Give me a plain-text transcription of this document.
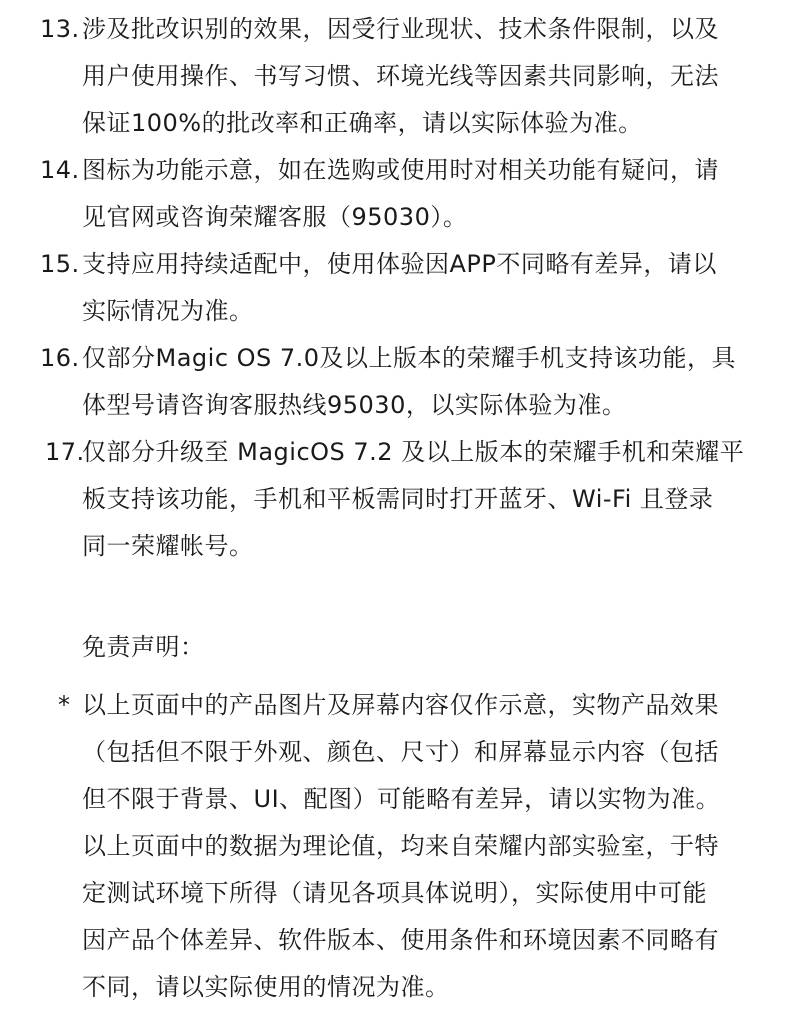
13. 涉及批改识别的效果，因受行业现状、技术条件限制，以及
用户使用操作、书写习惯、环境光线等因素共同影响，无法
保证100%的批改率和正确率，请以实际体验为准。
14. 图标为功能示意，如在选购或使用时对相关功能有疑问，请
见官网或咨询荣耀客服（95030）。
15. 支持应用持续适配中，使用体验因APP不同略有差异，请以
实际情况为准。
16. 仅部分Magic OS 7.0及以上版本的荣耀手机支持该功能，具
体型号请咨询客服热线95030，以实际体验为准。
17.
仅部分升级至 MagicOS 7.2 及以上版本的荣耀手机和荣耀平
板支持该功能，手机和平板需同时打开蓝牙、Wi-Fi 且登录
同一荣耀帐号。
免责声明：
* 以上页面中的产品图片及屏幕内容仅作示意，实物产品效果
（包括但不限于外观、颜色、尺寸）和屏幕显示内容（包括
但不限于背景、UI、配图）可能略有差异，请以实物为准。
以上页面中的数据为理论值，均来自荣耀内部实验室，于特
定测试环境下所得（请见各项具体说明），实际使用中可能
因产品个体差异、软件版本、使用条件和环境因素不同略有
不同，请以实际使用的情况为准。
